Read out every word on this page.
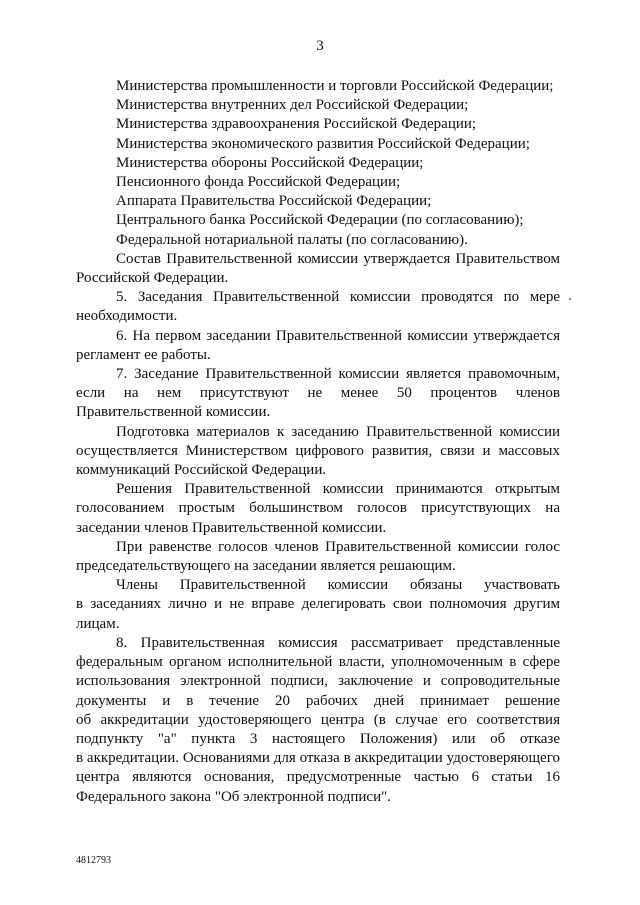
3

Министерства промышленности и торговли Российской Федерации;

Министерства внутренних дел Российской Федерации;

Министерства здравоохранения Российской Федерации;

Министерства экономического развития Российской Федерации;

Министерства обороны Российской Федерации;

Пенсионного фонда Российской Федерации;

Аппарата Правительства Российской Федерации;

Центрального банка Российской Федерации (по согласованию);

Федеральной нотариальной палаты (по согласованию).

Состав Правительственной комиссии утверждается Правительством
Российской Федерации.
5. Заседания Правительственной комиссии проводятся по мере
необходимости.
6. На первом заседании Правительственной комиссии утверждается
регламент ее работы.
7. Заседание Правительственной комиссии является правомочным,
если на нем присутствуют не менее 50 процентов членов
Правительственной комиссии.
Подготовка материалов к заседанию Правительственной комиссии
осуществляется Министерством цифрового развития, связи и массовых
коммуникаций Российской Федерации.
Решения Правительственной комиссии принимаются открытым
голосованием простым большинством голосов присутствующих на
заседании членов Правительственной комиссии.
При равенстве голосов членов Правительственной комиссии голос
председательствующего на заседании является решающим.
Члены Правительственной комиссии обязаны участвовать
в заседаниях лично и не вправе делегировать свои полномочия другим
лицам.
8. Правительственная комиссия рассматривает представленные
федеральным органом исполнительной власти, уполномоченным в сфере
использования электронной подписи, заключение и сопроводительные
документы и в течение 20 рабочих дней принимает решение
об аккредитации удостоверяющего центра (в случае его соответствия
подпункту "а" пункта 3 настоящего Положения) или об отказе
в аккредитации. Основаниями для отказа в аккредитации удостоверяющего
центра являются основания, предусмотренные частью 6 статьи 16
Федерального закона "Об электронной подписи".
4812793
